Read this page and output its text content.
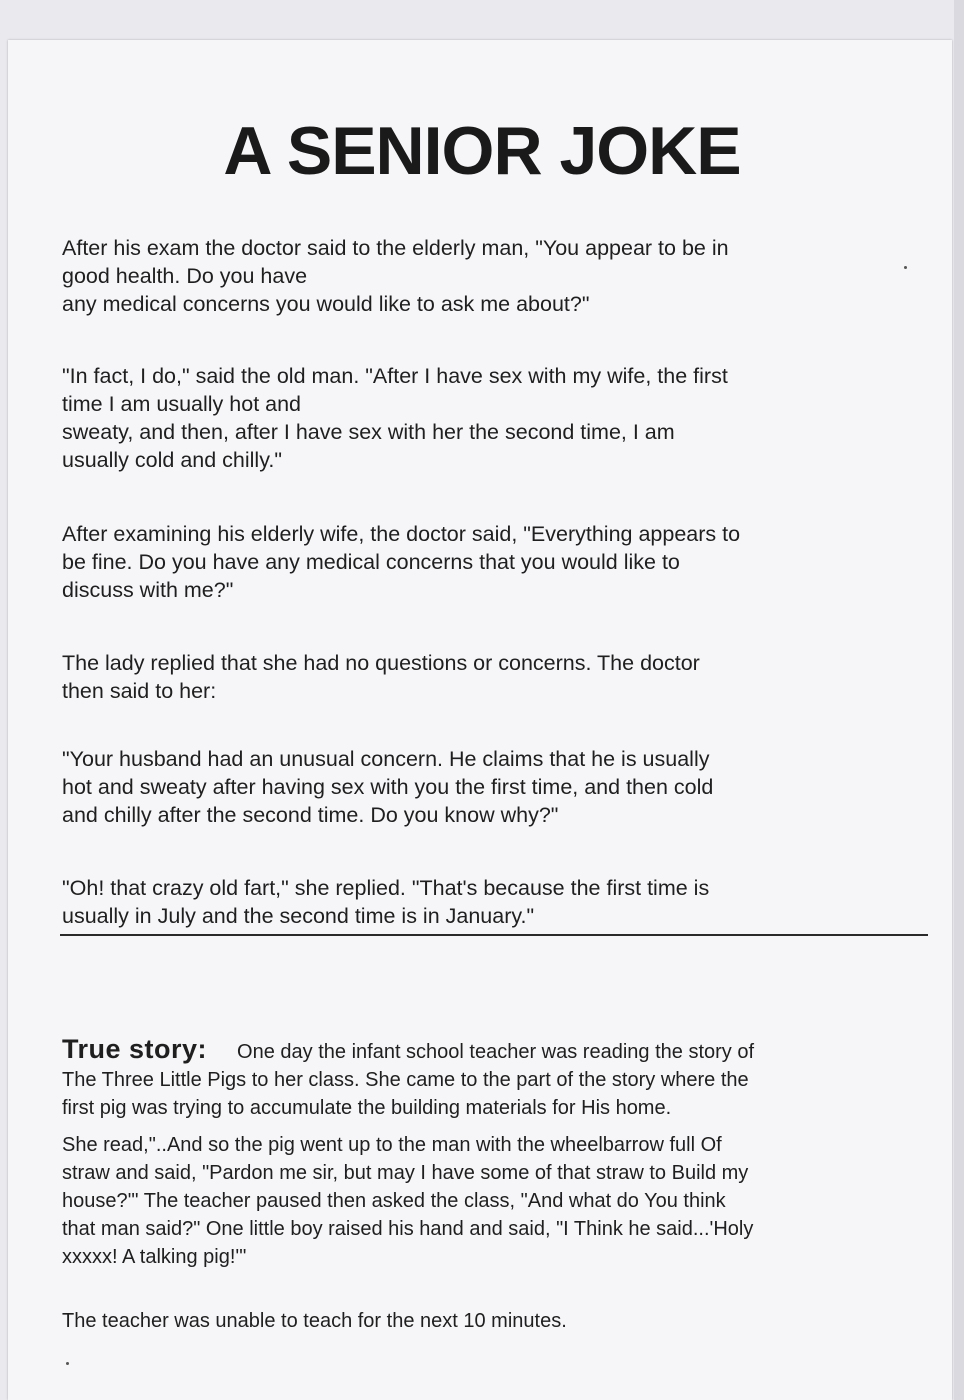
A SENIOR JOKE

After his exam the doctor said to the elderly man, "You appear to be in
good health. Do you have
any medical concerns you would like to ask me about?"

"In fact, I do," said the old man. "After I have sex with my wife, the first
time I am usually hot and
sweaty, and then, after I have sex with her the second time, I am
usually cold and chilly."

After examining his elderly wife, the doctor said, "Everything appears to
be fine. Do you have any medical concerns that you would like to
discuss with me?"

The lady replied that she had no questions or concerns. The doctor
then said to her:

"Your husband had an unusual concern. He claims that he is usually
hot and sweaty after having sex with you the first time, and then cold
and chilly after the second time. Do you know why?"

"Oh! that crazy old fart," she replied. "That's because the first time is
usually in July and the second time is in January."

True story: One day the infant school teacher was reading the story of
The Three Little Pigs to her class. She came to the part of the story where the
first pig was trying to accumulate the building materials for His home.

She read,"..And so the pig went up to the man with the wheelbarrow full Of
straw and said, "Pardon me sir, but may I have some of that straw to Build my
house?'" The teacher paused then asked the class, "And what do You think
that man said?" One little boy raised his hand and said, "I Think he said...'Holy
xxxxx! A talking pig!'"

The teacher was unable to teach for the next 10 minutes.
